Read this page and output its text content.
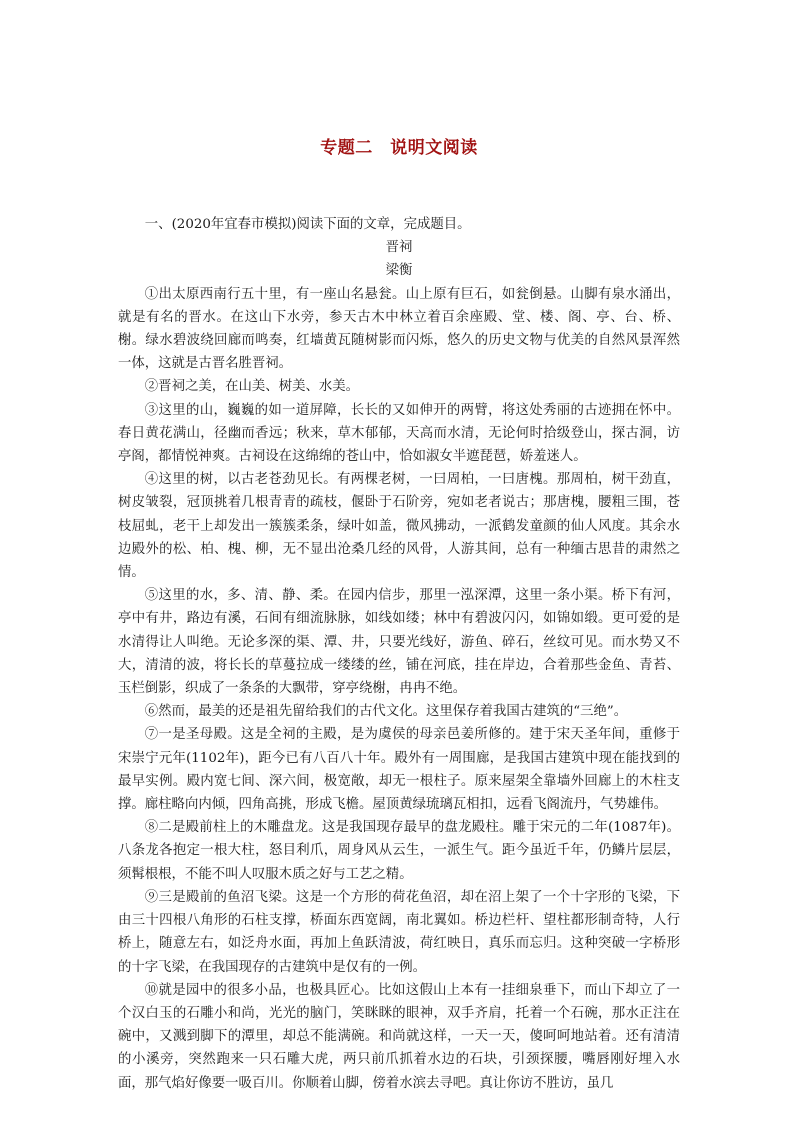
专题二　说明文阅读

一、(2020年宜春市模拟)阅读下面的文章，完成题目。

晋祠

梁衡

①出太原西南行五十里，有一座山名悬瓮。山上原有巨石，如瓮倒悬。山脚有泉水涌出，就是有名的晋水。在这山下水旁，参天古木中林立着百余座殿、堂、楼、阁、亭、台、桥、榭。绿水碧波绕回廊而鸣奏，红墙黄瓦随树影而闪烁，悠久的历史文物与优美的自然风景浑然一体，这就是古晋名胜晋祠。

②晋祠之美，在山美、树美、水美。

③这里的山，巍巍的如一道屏障，长长的又如伸开的两臂，将这处秀丽的古迹拥在怀中。春日黄花满山，径幽而香远；秋来，草木郁郁，天高而水清，无论何时拾级登山，探古洞，访亭阁，都情悦神爽。古祠设在这绵绵的苍山中，恰如淑女半遮琵琶，娇羞迷人。

④这里的树，以古老苍劲见长。有两棵老树，一曰周柏，一曰唐槐。那周柏，树干劲直，树皮皱裂，冠顶挑着几根青青的疏枝，偃卧于石阶旁，宛如老者说古；那唐槐，腰粗三围，苍枝屈虬，老干上却发出一簇簇柔条，绿叶如盖，微风拂动，一派鹤发童颜的仙人风度。其余水边殿外的松、柏、槐、柳，无不显出沧桑几经的风骨，人游其间，总有一种缅古思昔的肃然之情。

⑤这里的水，多、清、静、柔。在园内信步，那里一泓深潭，这里一条小渠。桥下有河，亭中有井，路边有溪，石间有细流脉脉，如线如缕；林中有碧波闪闪，如锦如缎。更可爱的是水清得让人叫绝。无论多深的渠、潭、井，只要光线好，游鱼、碎石，丝纹可见。而水势又不大，清清的波，将长长的草蔓拉成一缕缕的丝，铺在河底，挂在岸边，合着那些金鱼、青苔、玉栏倒影，织成了一条条的大飘带，穿亭绕榭，冉冉不绝。

⑥然而，最美的还是祖先留给我们的古代文化。这里保存着我国古建筑的“三绝”。

⑦一是圣母殿。这是全祠的主殿，是为虞侯的母亲邑姜所修的。建于宋天圣年间，重修于宋崇宁元年(1102年)，距今已有八百八十年。殿外有一周围廊，是我国古建筑中现在能找到的最早实例。殿内宽七间、深六间，极宽敞，却无一根柱子。原来屋架全靠墙外回廊上的木柱支撑。廊柱略向内倾，四角高挑，形成飞檐。屋顶黄绿琉璃瓦相扣，远看飞阁流丹，气势雄伟。

⑧二是殿前柱上的木雕盘龙。这是我国现存最早的盘龙殿柱。雕于宋元的二年(1087年)。八条龙各抱定一根大柱，怒目利爪，周身风从云生，一派生气。距今虽近千年，仍鳞片层层，须髯根根，不能不叫人叹服木质之好与工艺之精。

⑨三是殿前的鱼沼飞梁。这是一个方形的荷花鱼沼，却在沼上架了一个十字形的飞梁，下由三十四根八角形的石柱支撑，桥面东西宽阔，南北翼如。桥边栏杆、望柱都形制奇特，人行桥上，随意左右，如泛舟水面，再加上鱼跃清波，荷红映日，真乐而忘归。这种突破一字桥形的十字飞梁，在我国现存的古建筑中是仅有的一例。

⑩就是园中的很多小品，也极具匠心。比如这假山上本有一挂细泉垂下，而山下却立了一个汉白玉的石雕小和尚，光光的脑门，笑眯眯的眼神，双手齐肩，托着一个石碗，那水正注在碗中，又溅到脚下的潭里，却总不能满碗。和尚就这样，一天一天，傻呵呵地站着。还有清清的小溪旁，突然跑来一只石雕大虎，两只前爪抓着水边的石块，引颈探腰，嘴唇刚好埋入水面，那气焰好像要一吸百川。你顺着山脚，傍着水滨去寻吧。真让你访不胜访，虽几
